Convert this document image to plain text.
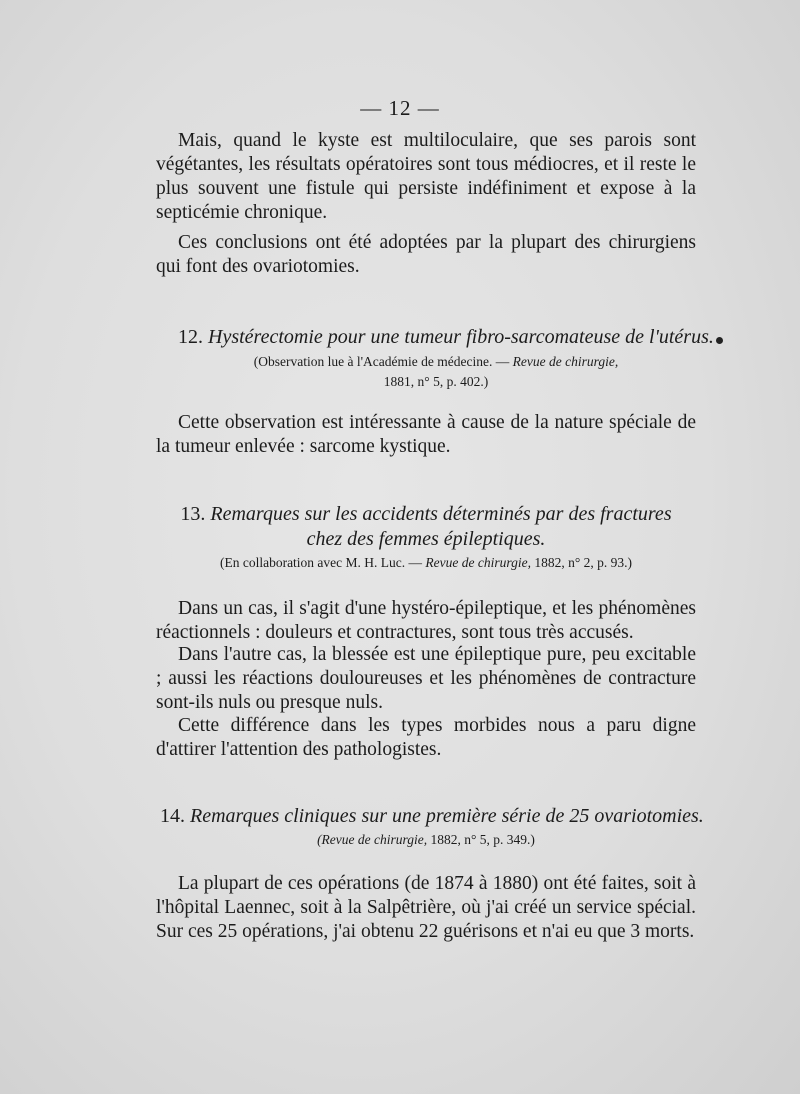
— 12 —
Mais, quand le kyste est multiloculaire, que ses parois sont végétantes, les résultats opératoires sont tous médiocres, et il reste le plus souvent une fistule qui persiste indéfiniment et expose à la septicémie chronique.
Ces conclusions ont été adoptées par la plupart des chirurgiens qui font des ovariotomies.
12. Hystérectomie pour une tumeur fibro-sarcomateuse de l'utérus.
(Observation lue à l'Académie de médecine. — Revue de chirurgie,
1881, n° 5, p. 402.)
Cette observation est intéressante à cause de la nature spéciale de la tumeur enlevée : sarcome kystique.
13. Remarques sur les accidents déterminés par des fractures
chez des femmes épileptiques.
(En collaboration avec M. H. Luc. — Revue de chirurgie, 1882, n° 2, p. 93.)
Dans un cas, il s'agit d'une hystéro-épileptique, et les phénomènes réactionnels : douleurs et contractures, sont tous très accusés.
Dans l'autre cas, la blessée est une épileptique pure, peu excitable ; aussi les réactions douloureuses et les phénomènes de contracture sont-ils nuls ou presque nuls.
Cette différence dans les types morbides nous a paru digne d'attirer l'attention des pathologistes.
14. Remarques cliniques sur une première série de 25 ovariotomies.
(Revue de chirurgie, 1882, n° 5, p. 349.)
La plupart de ces opérations (de 1874 à 1880) ont été faites, soit à l'hôpital Laennec, soit à la Salpêtrière, où j'ai créé un service spécial. Sur ces 25 opérations, j'ai obtenu 22 guérisons et n'ai eu que 3 morts.
